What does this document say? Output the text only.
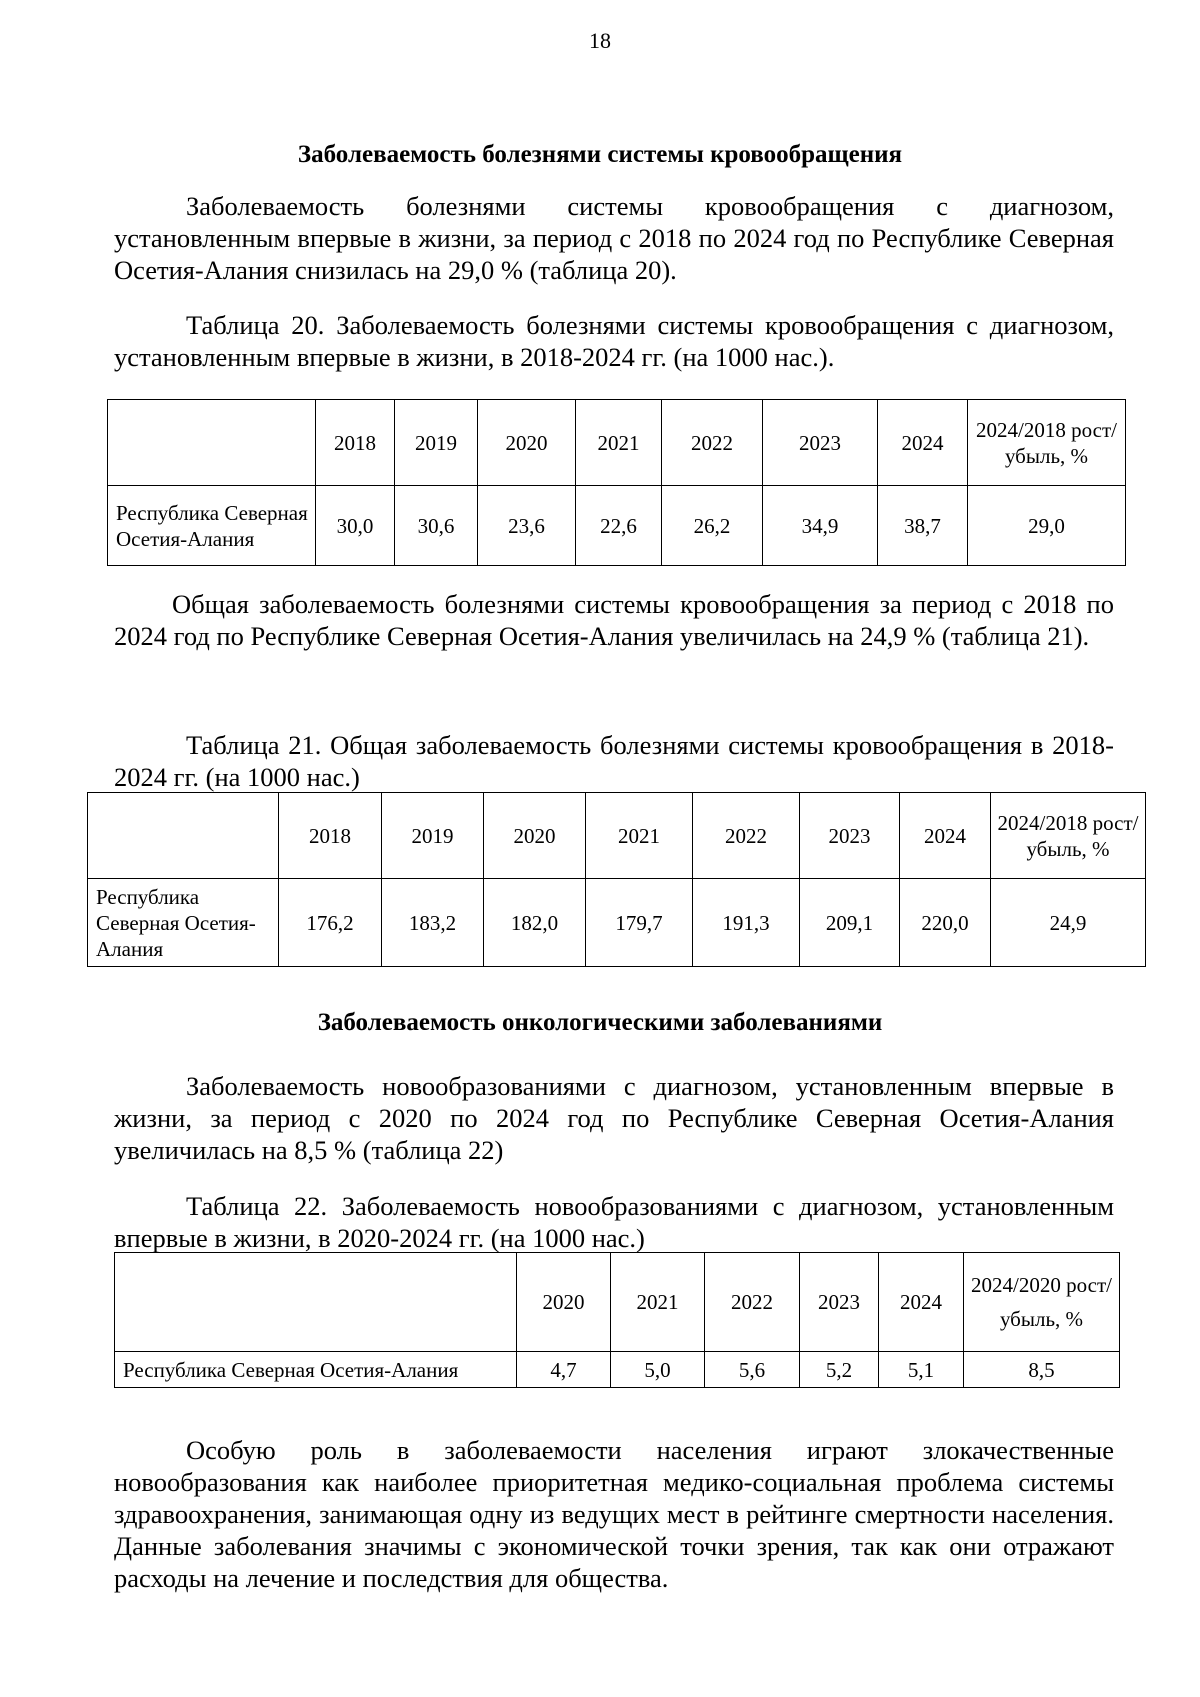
18
Заболеваемость болезнями системы кровообращения
Заболеваемость болезнями системы кровообращения с диагнозом, установленным впервые в жизни, за период с 2018 по 2024 год по Республике Северная Осетия-Алания снизилась на 29,0 % (таблица 20).
Таблица 20. Заболеваемость болезнями системы кровообращения с диагнозом, установленным впервые в жизни, в 2018-2024 гг. (на 1000 нас.).
	2018	2019	2020	2021	2022	2023	2024	2024/2018 рост/убыль, %
Республика Северная Осетия-Алания	30,0	30,6	23,6	22,6	26,2	34,9	38,7	29,0
Общая заболеваемость болезнями системы кровообращения за период с 2018 по 2024 год по Республике Северная Осетия-Алания увеличилась на 24,9 % (таблица 21).
Таблица 21. Общая заболеваемость болезнями системы кровообращения в 2018-2024 гг. (на 1000 нас.)
	2018	2019	2020	2021	2022	2023	2024	2024/2018 рост/ убыль, %
Республика Северная Осетия-Алания	176,2	183,2	182,0	179,7	191,3	209,1	220,0	24,9
Заболеваемость онкологическими заболеваниями
Заболеваемость новообразованиями с диагнозом, установленным впервые в жизни, за период с 2020 по 2024 год по Республике Северная Осетия-Алания увеличилась на 8,5 % (таблица 22)
Таблица 22. Заболеваемость новообразованиями с диагнозом, установленным впервые в жизни, в 2020-2024 гг. (на 1000 нас.)
	2020	2021	2022	2023	2024	2024/2020 рост/ убыль, %
Республика Северная Осетия-Алания	4,7	5,0	5,6	5,2	5,1	8,5
Особую роль в заболеваемости населения играют злокачественные новообразования как наиболее приоритетная медико-социальная проблема системы здравоохранения, занимающая одну из ведущих мест в рейтинге смертности населения. Данные заболевания значимы с экономической точки зрения, так как они отражают расходы на лечение и последствия для общества.
